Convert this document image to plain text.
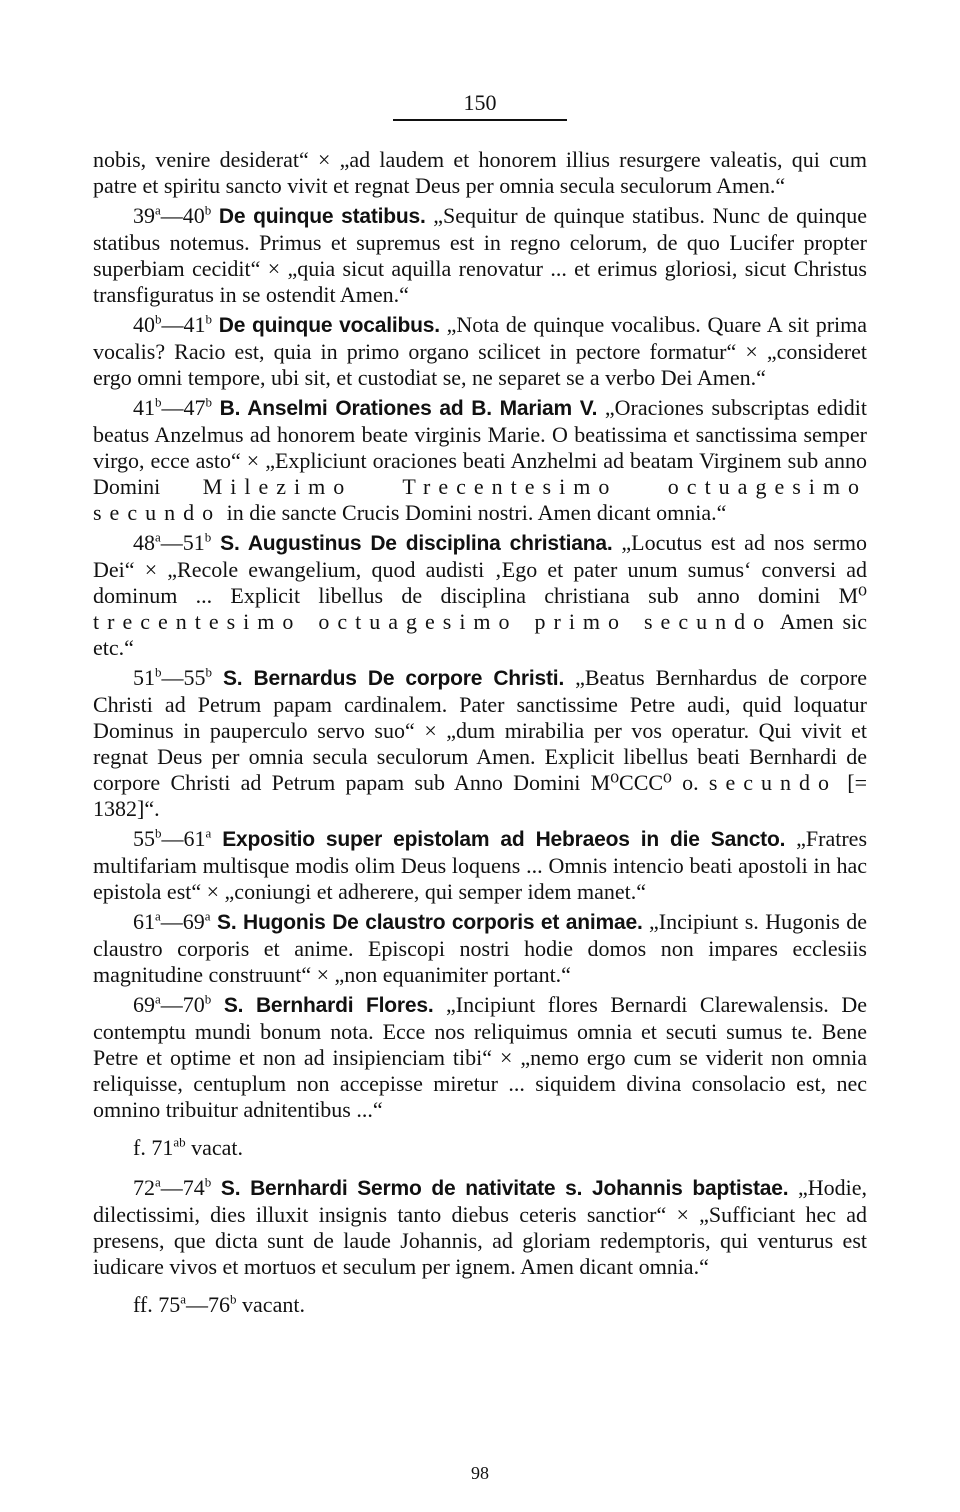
150

nobis, venire desiderat“ × „ad laudem et honorem illius resurgere valeatis, qui cum patre et spiritu sancto vivit et regnat Deus per omnia secula seculorum Amen.“

39$^a$—40$^b$ De quinque statibus. „Sequitur de quinque statibus. Nunc de quinque statibus notemus. Primus et supremus est in regno celorum, de quo Lucifer propter superbiam cecidit“ × „quia sicut aquilla renovatur ... et erimus gloriosi, sicut Christus transfiguratus in se ostendit Amen.“

40$^b$—41$^b$ De quinque vocalibus. „Nota de quinque vocalibus. Quare A sit prima vocalis? Racio est, quia in primo organo scilicet in pectore formatur“ × „consideret ergo omni tempore, ubi sit, et custodiat se, ne separet se a verbo Dei Amen.“

41$^b$—47$^b$ B. Anselmi Orationes ad B. Mariam V. „Oraciones subscriptas edidit beatus Anzelmus ad honorem beate virginis Marie. O beatissima et sanctissima semper virgo, ecce asto“ × „Expliciunt oraciones beati Anzhelmi ad beatam Virginem sub anno Domini Milezimo Trecentesimo octuagesimo secundo in die sancte Crucis Domini nostri. Amen dicant omnia.“

48$^a$—51$^b$ S. Augustinus De disciplina christiana. „Locutus est ad nos sermo Dei“ × „Recole ewangelium, quod audisti ‚Ego et pater unum sumus‘ conversi ad dominum ... Explicit libellus de disciplina christiana sub anno domini M⁰ trecentesimo octuagesimo primo secundo Amen sic etc.“

51$^b$—55$^b$ S. Bernardus De corpore Christi. „Beatus Bernhardus de corpore Christi ad Petrum papam cardinalem. Pater sanctissime Petre audi, quid loquatur Dominus in pauperculo servo suo“ × „dum mirabilia per vos operatur. Qui vivit et regnat Deus per omnia secula seculorum Amen. Explicit libellus beati Bernhardi de corpore Christi ad Petrum papam sub Anno Domini M⁰CCC⁰ o. secundo [= 1382]“.

55$^b$—61$^a$ Expositio super epistolam ad Hebraeos in die Sancto. „Fratres multifariam multisque modis olim Deus loquens ... Omnis intencio beati apostoli in hac epistola est“ × „coniungi et adherere, qui semper idem manet.“

61$^a$—69$^a$ S. Hugonis De claustro corporis et animae. „Incipiunt s. Hugonis de claustro corporis et anime. Episcopi nostri hodie domos non impares ecclesiis magnitudine construunt“ × „non equanimiter portant.“

69$^a$—70$^b$ S. Bernhardi Flores. „Incipiunt flores Bernardi Clarewalensis. De contemptu mundi bonum nota. Ecce nos reliquimus omnia et secuti sumus te. Bene Petre et optime et non ad insipienciam tibi“ × „nemo ergo cum se viderit non omnia reliquisse, centuplum non accepisse miretur ... siquidem divina consolacio est, nec omnino tribuitur adnitentibus ...“

f. $71^{ab}$ vacat.

72$^a$—74$^b$ S. Bernhardi Sermo de nativitate s. Johannis baptistae. „Hodie, dilectissimi, dies illuxit insignis tanto diebus ceteris sanctior“ × „Sufficiant hec ad presens, que dicta sunt de laude Johannis, ad gloriam redemptoris, qui venturus est iudicare vivos et mortuos et seculum per ignem. Amen dicant omnia.“

ff. 75$^a$—76$^b$ vacant.

98
